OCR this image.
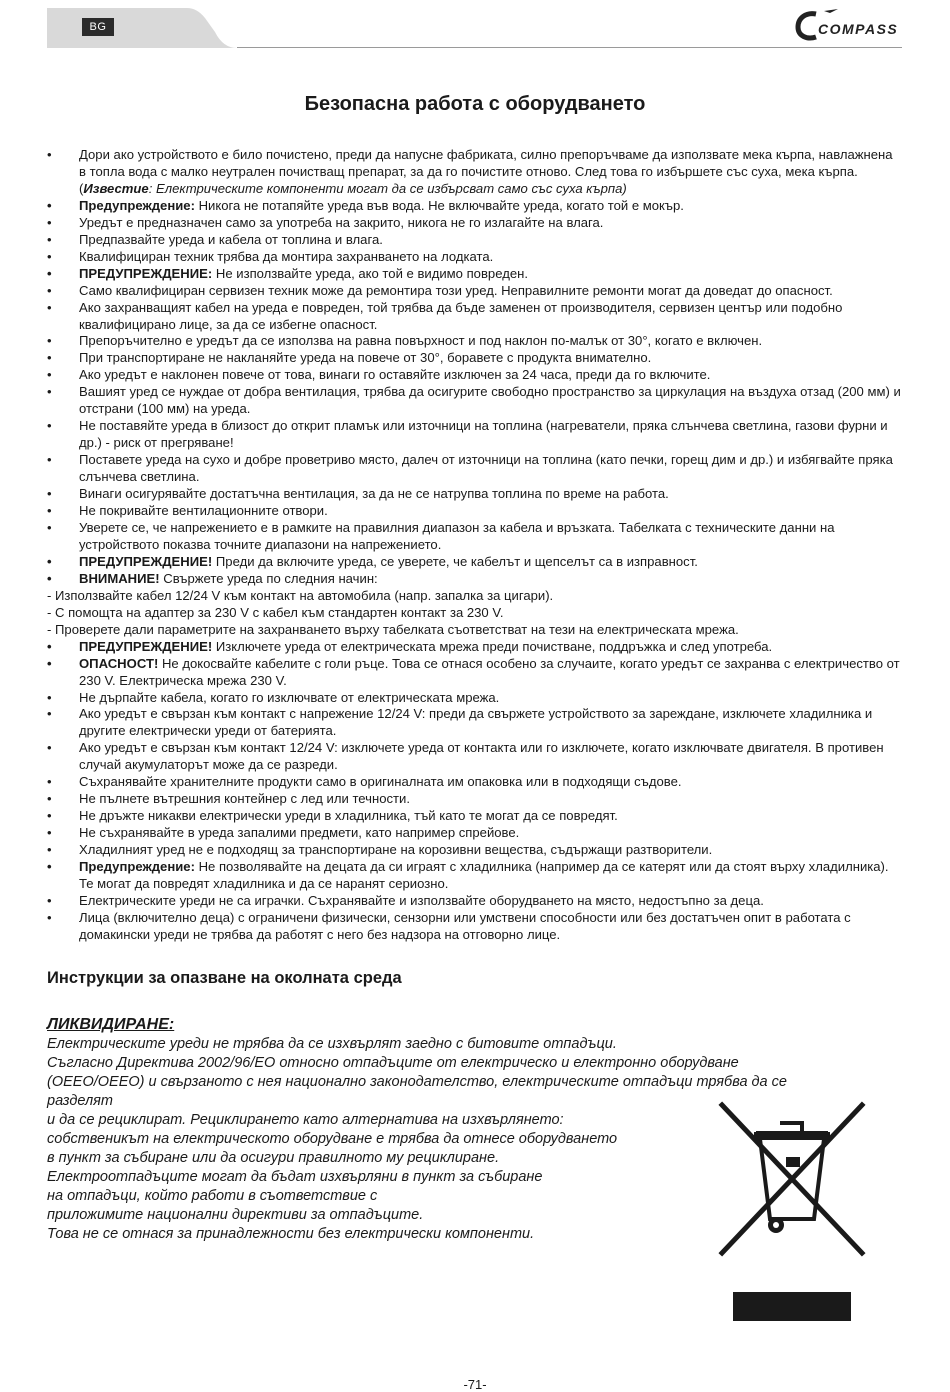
BG	COMPASS
Безопасна работа с оборудването
• Дори ако устройството е било почистено, преди да напусне фабриката, силно препоръчваме да използвате мека кърпа, навлажнена в топла вода с малко неутрален почистващ препарат, за да го почистите отново. След това го избършете със суха, мека кърпа. (Известие: Електрическите компоненти могат да се избърсват само със суха кърпа)
• Предупреждение: Никога не потапяйте уреда във вода. Не включвайте уреда, когато той е мокър.
• Уредът е предназначен само за употреба на закрито, никога не го излагайте на влага.
• Предпазвайте уреда и кабела от топлина и влага.
• Квалифициран техник трябва да монтира захранването на лодката.
• ПРЕДУПРЕЖДЕНИЕ: Не използвайте уреда, ако той е видимо повреден.
• Само квалифициран сервизен техник може да ремонтира този уред. Неправилните ремонти могат да доведат до опасност.
• Ако захранващият кабел на уреда е повреден, той трябва да бъде заменен от производителя, сервизен център или подобно квалифицирано лице, за да се избегне опасност.
• Препоръчително е уредът да се използва на равна повърхност и под наклон по-малък от 30°, когато е включен.
• При транспортиране не накланяйте уреда на повече от 30°, боравете с продукта внимателно.
• Ако уредът е наклонен повече от това, винаги го оставяйте изключен за 24 часа, преди да го включите.
• Вашият уред се нуждае от добра вентилация, трябва да осигурите свободно пространство за циркулация на въздуха отзад (200 мм) и отстрани (100 мм) на уреда.
• Не поставяйте уреда в близост до открит пламък или източници на топлина (нагреватели, пряка слънчева светлина, газови фурни и др.) - риск от прегряване!
• Поставете уреда на сухо и добре проветриво място, далеч от източници на топлина (като печки, горещ дим и др.) и избягвайте пряка слънчева светлина.
• Винаги осигурявайте достатъчна вентилация, за да не се натрупва топлина по време на работа.
• Не покривайте вентилационните отвори.
• Уверете се, че напрежението е в рамките на правилния диапазон за кабела и връзката. Табелката с техническите данни на устройството показва точните диапазони на напрежението.
• ПРЕДУПРЕЖДЕНИЕ! Преди да включите уреда, се уверете, че кабелът и щепселът са в изправност.
• ВНИМАНИЕ! Свържете уреда по следния начин:
- Използвайте кабел 12/24 V към контакт на автомобила (напр. запалка за цигари).
- С помощта на адаптер за 230 V с кабел към стандартен контакт за 230 V.
- Проверете дали параметрите на захранването върху табелката съответстват на тези на електрическата мрежа.
• ПРЕДУПРЕЖДЕНИЕ! Изключете уреда от електрическата мрежа преди почистване, поддръжка и след употреба.
• ОПАСНОСТ! Не докосвайте кабелите с голи ръце. Това се отнася особено за случаите, когато уредът се захранва с електричество от 230 V. Електрическа мрежа 230 V.
• Не дърпайте кабела, когато го изключвате от електрическата мрежа.
• Ако уредът е свързан към контакт с напрежение 12/24 V: преди да свържете устройството за зареждане, изключете хладилника и другите електрически уреди от батерията.
• Ако уредът е свързан към контакт 12/24 V: изключете уреда от контакта или го изключете, когато изключвате двигателя. В противен случай акумулаторът може да се разреди.
• Съхранявайте хранителните продукти само в оригиналната им опаковка или в подходящи съдове.
• Не пълнете вътрешния контейнер с лед или течности.
• Не дръжте никакви електрически уреди в хладилника, тъй като те могат да се повредят.
• Не съхранявайте в уреда запалими предмети, като например спрейове.
• Хладилният уред не е подходящ за транспортиране на корозивни вещества, съдържащи разтворители.
• Предупреждение: Не позволявайте на децата да си играят с хладилника (например да се катерят или да стоят върху хладилника). Те могат да повредят хладилника и да се наранят сериозно.
• Електрическите уреди не са играчки. Съхранявайте и използвайте оборудването на място, недостъпно за деца.
• Лица (включително деца) с ограничени физически, сензорни или умствени способности или без достатъчен опит в работата с домакински уреди не трябва да работят с него без надзора на отговорно лице.
Инструкции за опазване на околната среда
ЛИКВИДИРАНЕ:
Електрическите уреди не трябва да се изхвърлят заедно с битовите отпадъци.
Съгласно Директива 2002/96/ЕО относно отпадъците от електрическо и електронно оборудване
(ОЕЕО/ОЕЕО) и свързаното с нея национално законодателство, електрическите отпадъци трябва да се
разделят
и да се рециклират. Рециклирането като алтернатива на изхвърлянето:
собственикът на електрическото оборудване е трябва да отнесе оборудването
в пункт за събиране или да осигури правилното му рециклиране.
Електроотпадъците могат да бъдат изхвърляни в пункт за събиране
на отпадъци, който работи в съответствие с
приложимите национални директиви за отпадъците.
Това не се отнася за принадлежности без електрически компоненти.
-71-
